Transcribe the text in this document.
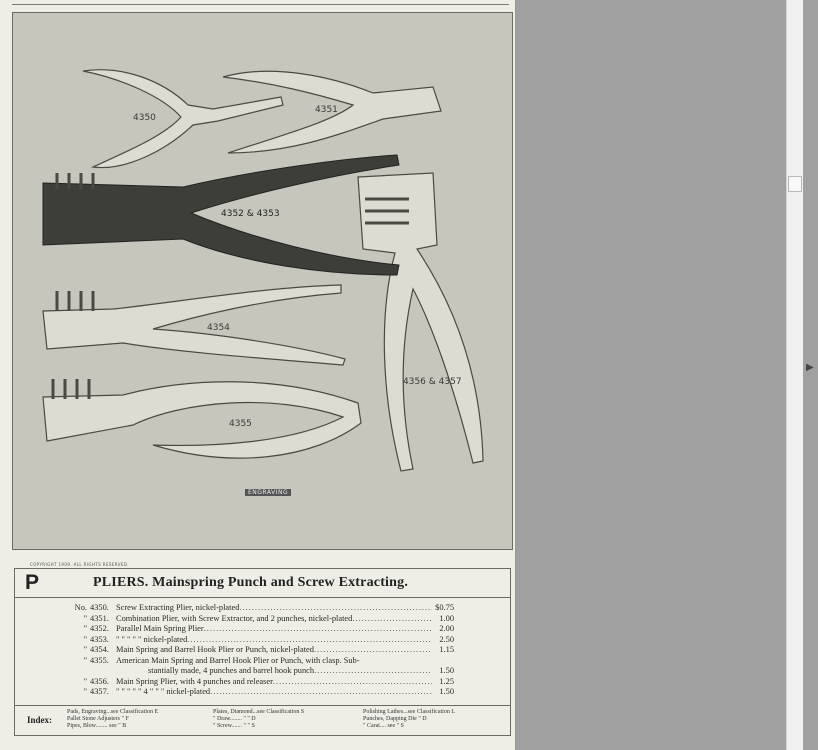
4350
4351
4352 & 4353
4354
4355
4356 & 4357
ENGRAVING
COPYRIGHT 1909. ALL RIGHTS RESERVED.
P	PLIERS. Mainspring Punch and Screw Extracting.
No. 4350. Screw Extracting Plier, nickel-plated .....	$0.75
" 4351. Combination Plier, with Screw Extractor, and 2 punches, nickel-plated .....	1.00
" 4352. Parallel Main Spring Plier .....	2.00
" 4353. " " " " " nickel-plated .....	2.50
" 4354. Main Spring and Barrel Hook Plier or Punch, nickel-plated .....	1.15
" 4355. American Main Spring and Barrel Hook Plier or Punch, with clasp. Sub-
stantially made, 4 punches and barrel hook punch .....	1.50
" 4356. Main Spring Plier, with 4 punches and releaser .....	1.25
" 4357. " " " " " 4 " " " nickel-plated .....	1.50
Index:
Pads, Engraving...see Classification E
Pallet Stone Adjusters " F
Pipes, Blow........ see " B
Plates, Diamond...see Classification S
" Draw........ " " D
" Screw....... " " S
Polishing Lathes...see Classification L
Punches, Dapping Die " D
" Carat.... see " S
▶
